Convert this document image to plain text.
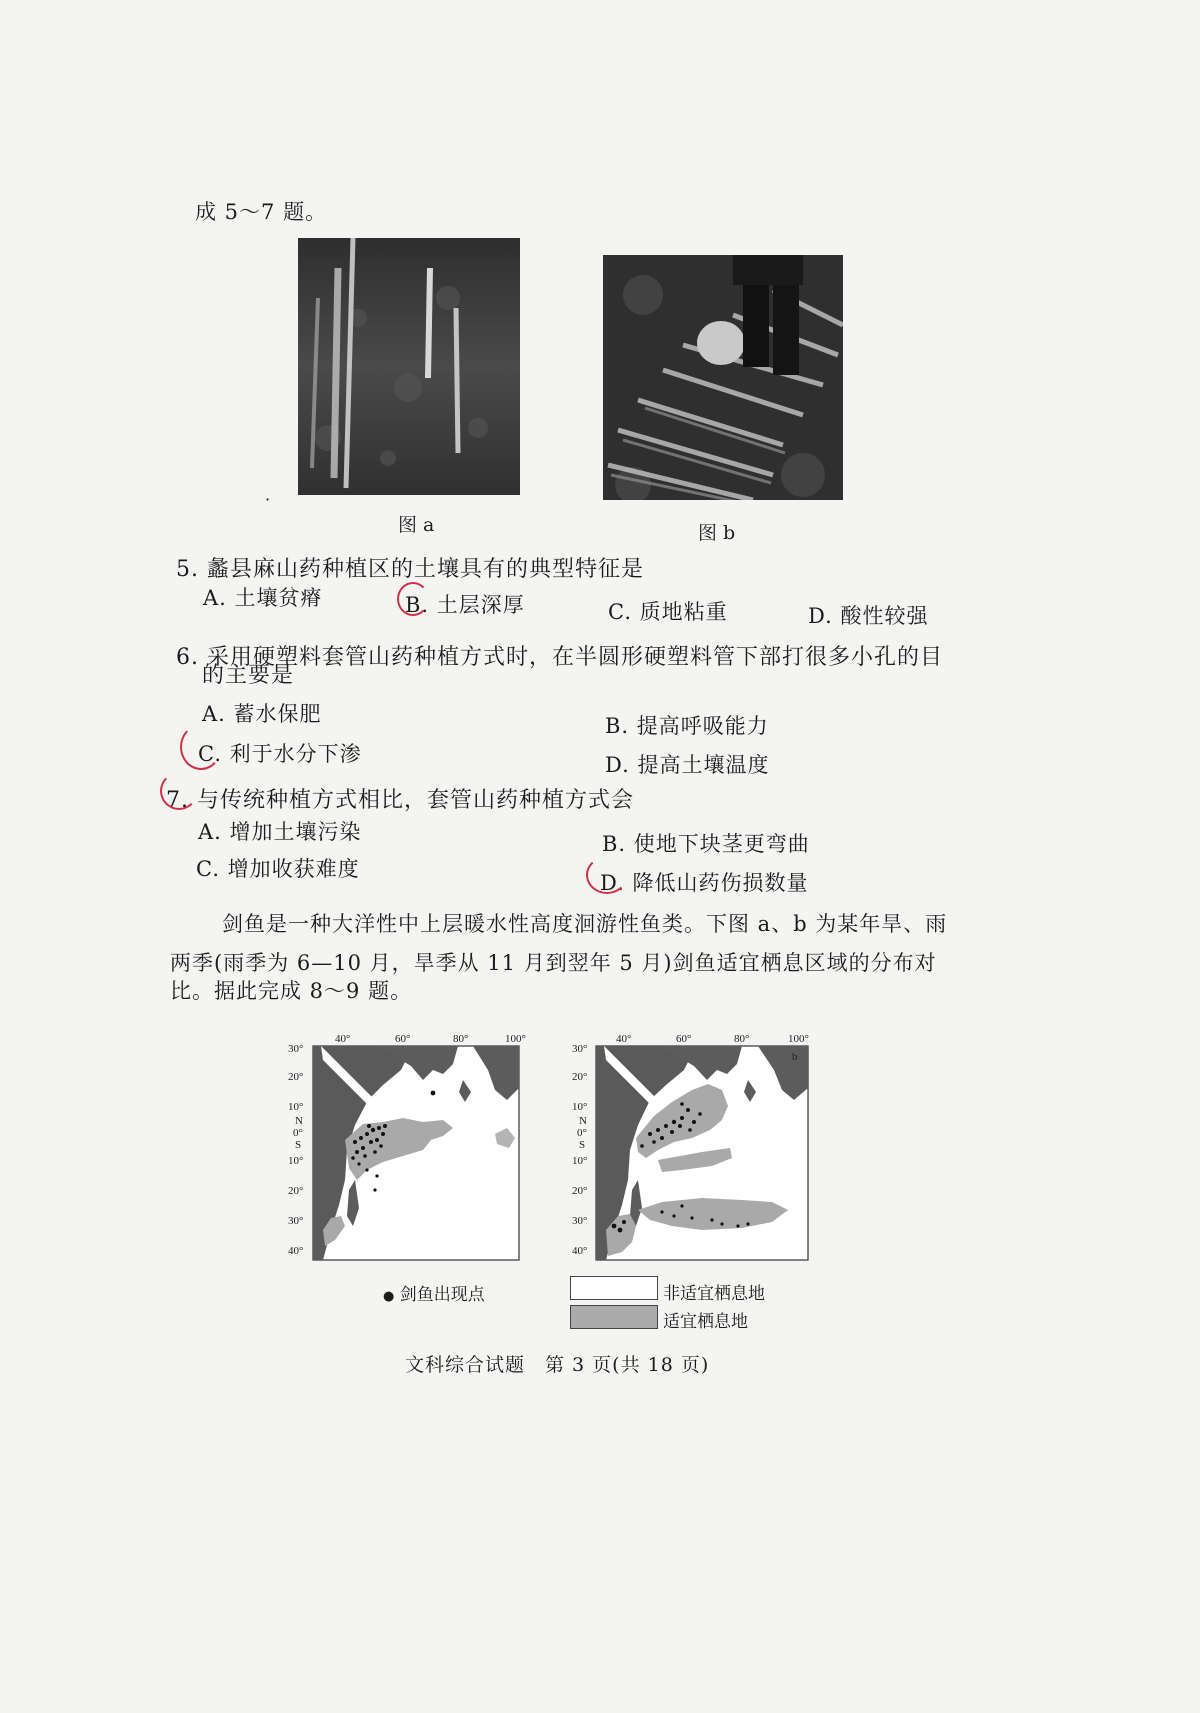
成 5～7 题。
·
图 a	图 b
5. 蠡县麻山药种植区的土壤具有的典型特征是
A. 土壤贫瘠	B. 土层深厚	C. 质地粘重	D. 酸性较强
6. 采用硬塑料套管山药种植方式时，在半圆形硬塑料管下部打很多小孔的目
的主要是
A. 蓄水保肥	B. 提高呼吸能力
C. 利于水分下渗	D. 提高土壤温度
7. 与传统种植方式相比，套管山药种植方式会
A. 增加土壤污染	B. 使地下块茎更弯曲
C. 增加收获难度
D. 降低山药伤损数量
剑鱼是一种大洋性中上层暖水性高度洄游性鱼类。下图 a、b 为某年旱、雨
两季(雨季为 6—10 月，旱季从 11 月到翌年 5 月)剑鱼适宜栖息区域的分布对
比。据此完成 8～9 题。
40°	60°	80°	100°
30°
20°
10°
N
0°
S
10°
20°
30°
40°
40°	60°	80°	100°
30°
20°
10°
N
0°
S
10°
20°
30°
40°
b
● 剑鱼出现点	非适宜栖息地
适宜栖息地
文科综合试题　第 3 页(共 18 页)
